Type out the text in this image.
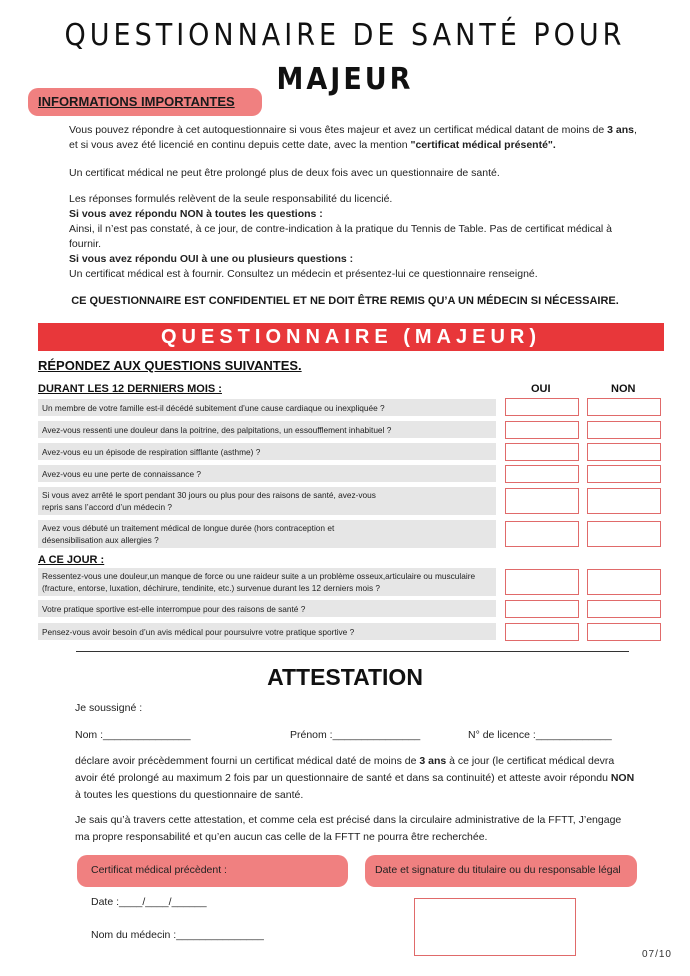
QUESTIONNAIRE DE SANTÉ POUR MAJEUR
INFORMATIONS IMPORTANTES

Vous pouvez répondre à cet autoquestionnaire si vous êtes majeur et avez un certificat médical datant de moins de 3 ans, et si vous avez été licencié en continu depuis cette date, avec la mention "certificat médical présenté".

Un certificat médical ne peut être prolongé plus de deux fois avec un questionnaire de santé.

Les réponses formulés relèvent de la seule responsabilité du licencié.

Si vous avez répondu NON à toutes les questions :

Ainsi, il n’est pas constaté, à ce jour, de contre-indication à la pratique du Tennis de Table. Pas de certificat médical à fournir.

Si vous avez répondu OUI à une ou plusieurs questions :

Un certificat médical est à fournir. Consultez un médecin et présentez-lui ce questionnaire renseigné.

CE QUESTIONNAIRE EST CONFIDENTIEL ET NE DOIT ÊTRE REMIS QU’A UN MÉDECIN SI NÉCESSAIRE.
QUESTIONNAIRE (MAJEUR)
RÉPONDEZ AUX QUESTIONS SUIVANTES.
DURANT LES 12 DERNIERS MOIS :	OUI	NON
Un membre de votre famille est-il décédé subitement d’une cause cardiaque ou inexpliquée ?
Avez-vous ressenti une douleur dans la poitrine, des palpitations, un essoufflement inhabituel ?
Avez-vous eu un épisode de respiration sifflante (asthme) ?
Avez-vous eu une perte de connaissance ?
Si vous avez arrêté le sport pendant 30 jours ou plus pour des raisons de santé, avez-vous repris sans l’accord d’un médecin ?
Avez vous débuté un traitement médical de longue durée (hors contraception et désensibilisation aux allergies ?
A CE JOUR :
Ressentez-vous une douleur,un manque de force ou une raideur suite a un problème osseux,articulaire ou musculaire (fracture, entorse, luxation, déchirure, tendinite, etc.) survenue durant les 12 derniers mois ?
Votre pratique sportive est-elle interrompue pour des raisons de santé ?
Pensez-vous avoir besoin d’un avis médical pour poursuivre votre pratique sportive ?
ATTESTATION
Je soussigné :
Nom :_______________	Prénom :_______________	N° de licence :_____________

déclare avoir précèdemment fourni un certificat médical daté de moins de 3 ans à ce jour (le certificat médical devra avoir été prolongé au maximum 2 fois par un questionnaire de santé et dans sa continuité) et atteste avoir répondu NON à toutes les questions du questionnaire de santé.

Je sais qu’à travers cette attestation, et comme cela est précisé dans la circulaire administrative de la FFTT, J’engage ma propre responsabilité et qu’en aucun cas celle de la FFTT ne pourra être recherchée.

Certificat médical précèdent :	Date et signature du titulaire ou du responsable légal
Date :____/____/______
Nom du médecin :_______________
07/10
